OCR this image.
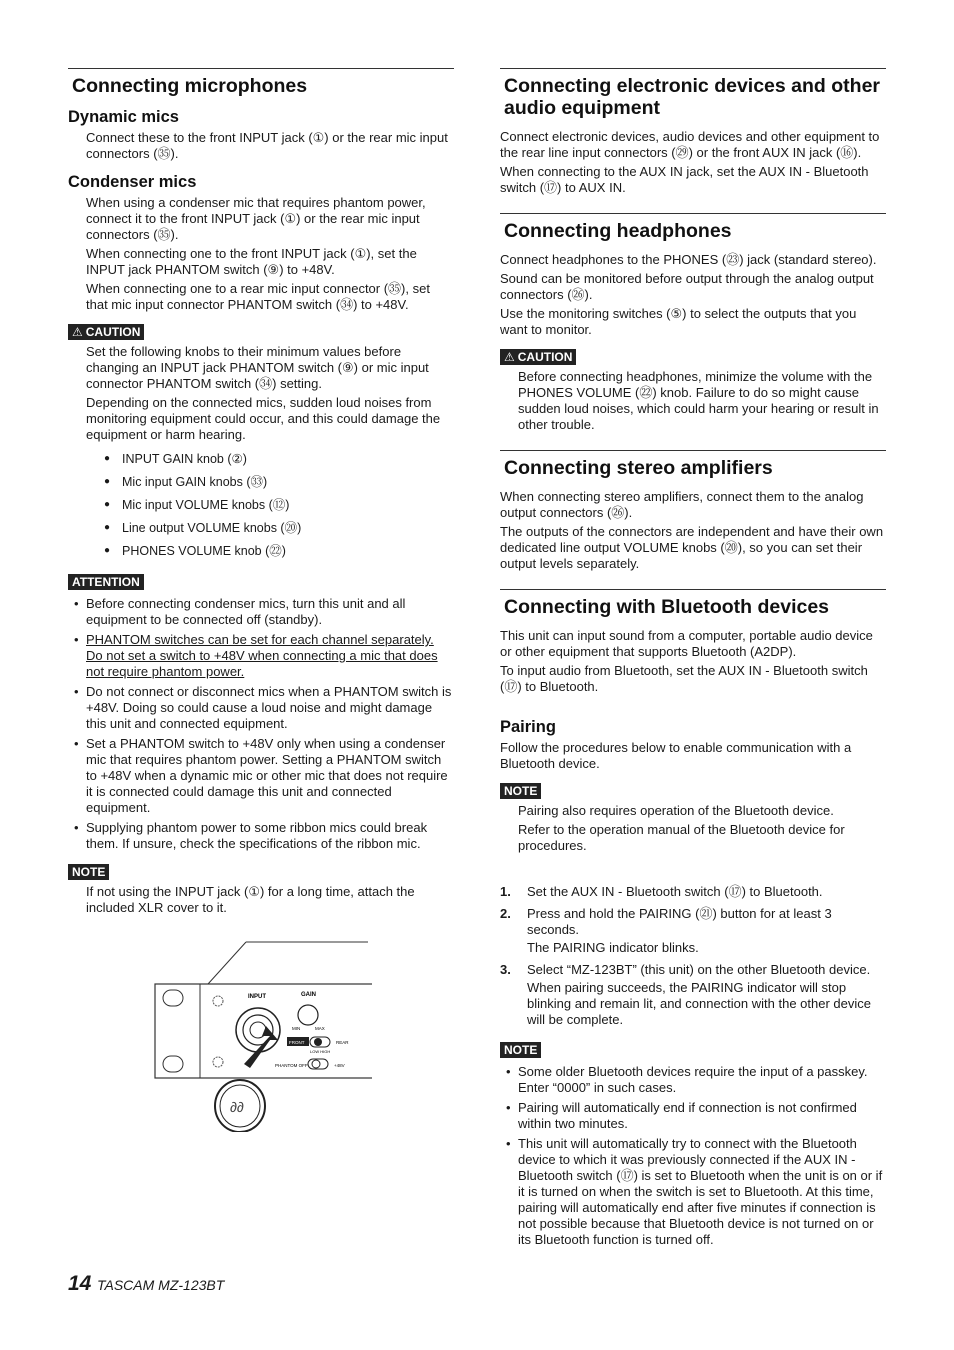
Connecting microphones
Dynamic mics

Connect these to the front INPUT jack (①) or the rear mic input connectors (㉟).

Condenser mics

When using a condenser mic that requires phantom power, connect it to the front INPUT jack (①) or the rear mic input connectors (㉟).

When connecting one to the front INPUT jack (①), set the INPUT jack PHANTOM switch (⑨) to +48V.

When connecting one to a rear mic input connector (㉟), set that mic input connector PHANTOM switch (㉞) to +48V.

⚠ CAUTION

Set the following knobs to their minimum values before changing an INPUT jack PHANTOM switch (⑨) or mic input connector PHANTOM switch (㉞) setting.

Depending on the connected mics, sudden loud noises from monitoring equipment could occur, and this could damage the equipment or harm hearing.

● INPUT GAIN knob (②)
● Mic input GAIN knobs (㉝)
● Mic input VOLUME knobs (⑫)
● Line output VOLUME knobs (⑳)
● PHONES VOLUME knob (㉒)
ATTENTION
• Before connecting condenser mics, turn this unit and all equipment to be connected off (standby).
• PHANTOM switches can be set for each channel separately. Do not set a switch to +48V when connecting a mic that does not require phantom power.
• Do not connect or disconnect mics when a PHANTOM switch is +48V. Doing so could cause a loud noise and might damage this unit and connected equipment.
• Set a PHANTOM switch to +48V only when using a condenser mic that requires phantom power. Setting a PHANTOM switch to +48V when a dynamic mic or other mic that does not require it is connected could damage this unit and connected equipment.
• Supplying phantom power to some ribbon mics could break them. If unsure, check the specifications of the ribbon mic.
NOTE

If not using the INPUT jack (①) for a long time, attach the included XLR cover to it.

INPUT	GAIN
MIN	MAX
FRONT	REAR
LOW HIGH
PHANTOM OFF	+48V
∂∂
Connecting electronic devices and other audio equipment

Connect electronic devices, audio devices and other equipment to the rear line input connectors (㉙) or the front AUX IN jack (⑯).

When connecting to the AUX IN jack, set the AUX IN - Bluetooth switch (⑰) to AUX IN.

Connecting headphones

Connect headphones to the PHONES (㉓) jack (standard stereo).

Sound can be monitored before output through the analog output connectors (㉖).

Use the monitoring switches (⑤) to select the outputs that you want to monitor.

⚠ CAUTION

Before connecting headphones, minimize the volume with the PHONES VOLUME (㉒) knob. Failure to do so might cause sudden loud noises, which could harm your hearing or result in other trouble.

Connecting stereo amplifiers

When connecting stereo amplifiers, connect them to the analog output connectors (㉖).

The outputs of the connectors are independent and have their own dedicated line output VOLUME knobs (⑳), so you can set their output levels separately.

Connecting with Bluetooth devices

This unit can input sound from a computer, portable audio device or other equipment that supports Bluetooth (A2DP).

To input audio from Bluetooth, set the AUX IN - Bluetooth switch (⑰) to Bluetooth.

Pairing

Follow the procedures below to enable communication with a Bluetooth device.

NOTE

Pairing also requires operation of the Bluetooth device.

Refer to the operation manual of the Bluetooth device for procedures.

1. Set the AUX IN - Bluetooth switch (⑰) to Bluetooth.
2. Press and hold the PAIRING (㉑) button for at least 3 seconds.
The PAIRING indicator blinks.
3. Select “MZ-123BT” (this unit) on the other Bluetooth device.
When pairing succeeds, the PAIRING indicator will stop blinking and remain lit, and connection with the other device will be complete.
NOTE
• Some older Bluetooth devices require the input of a passkey. Enter “0000” in such cases.
• Pairing will automatically end if connection is not confirmed within two minutes.
• This unit will automatically try to connect with the Bluetooth device to which it was previously connected if the AUX IN - Bluetooth switch (⑰) is set to Bluetooth when the unit is on or if it is turned on when the switch is set to Bluetooth. At this time, pairing will automatically end after five minutes if connection is not possible because that Bluetooth device is not turned on or its Bluetooth function is turned off.
14 TASCAM MZ-123BT
